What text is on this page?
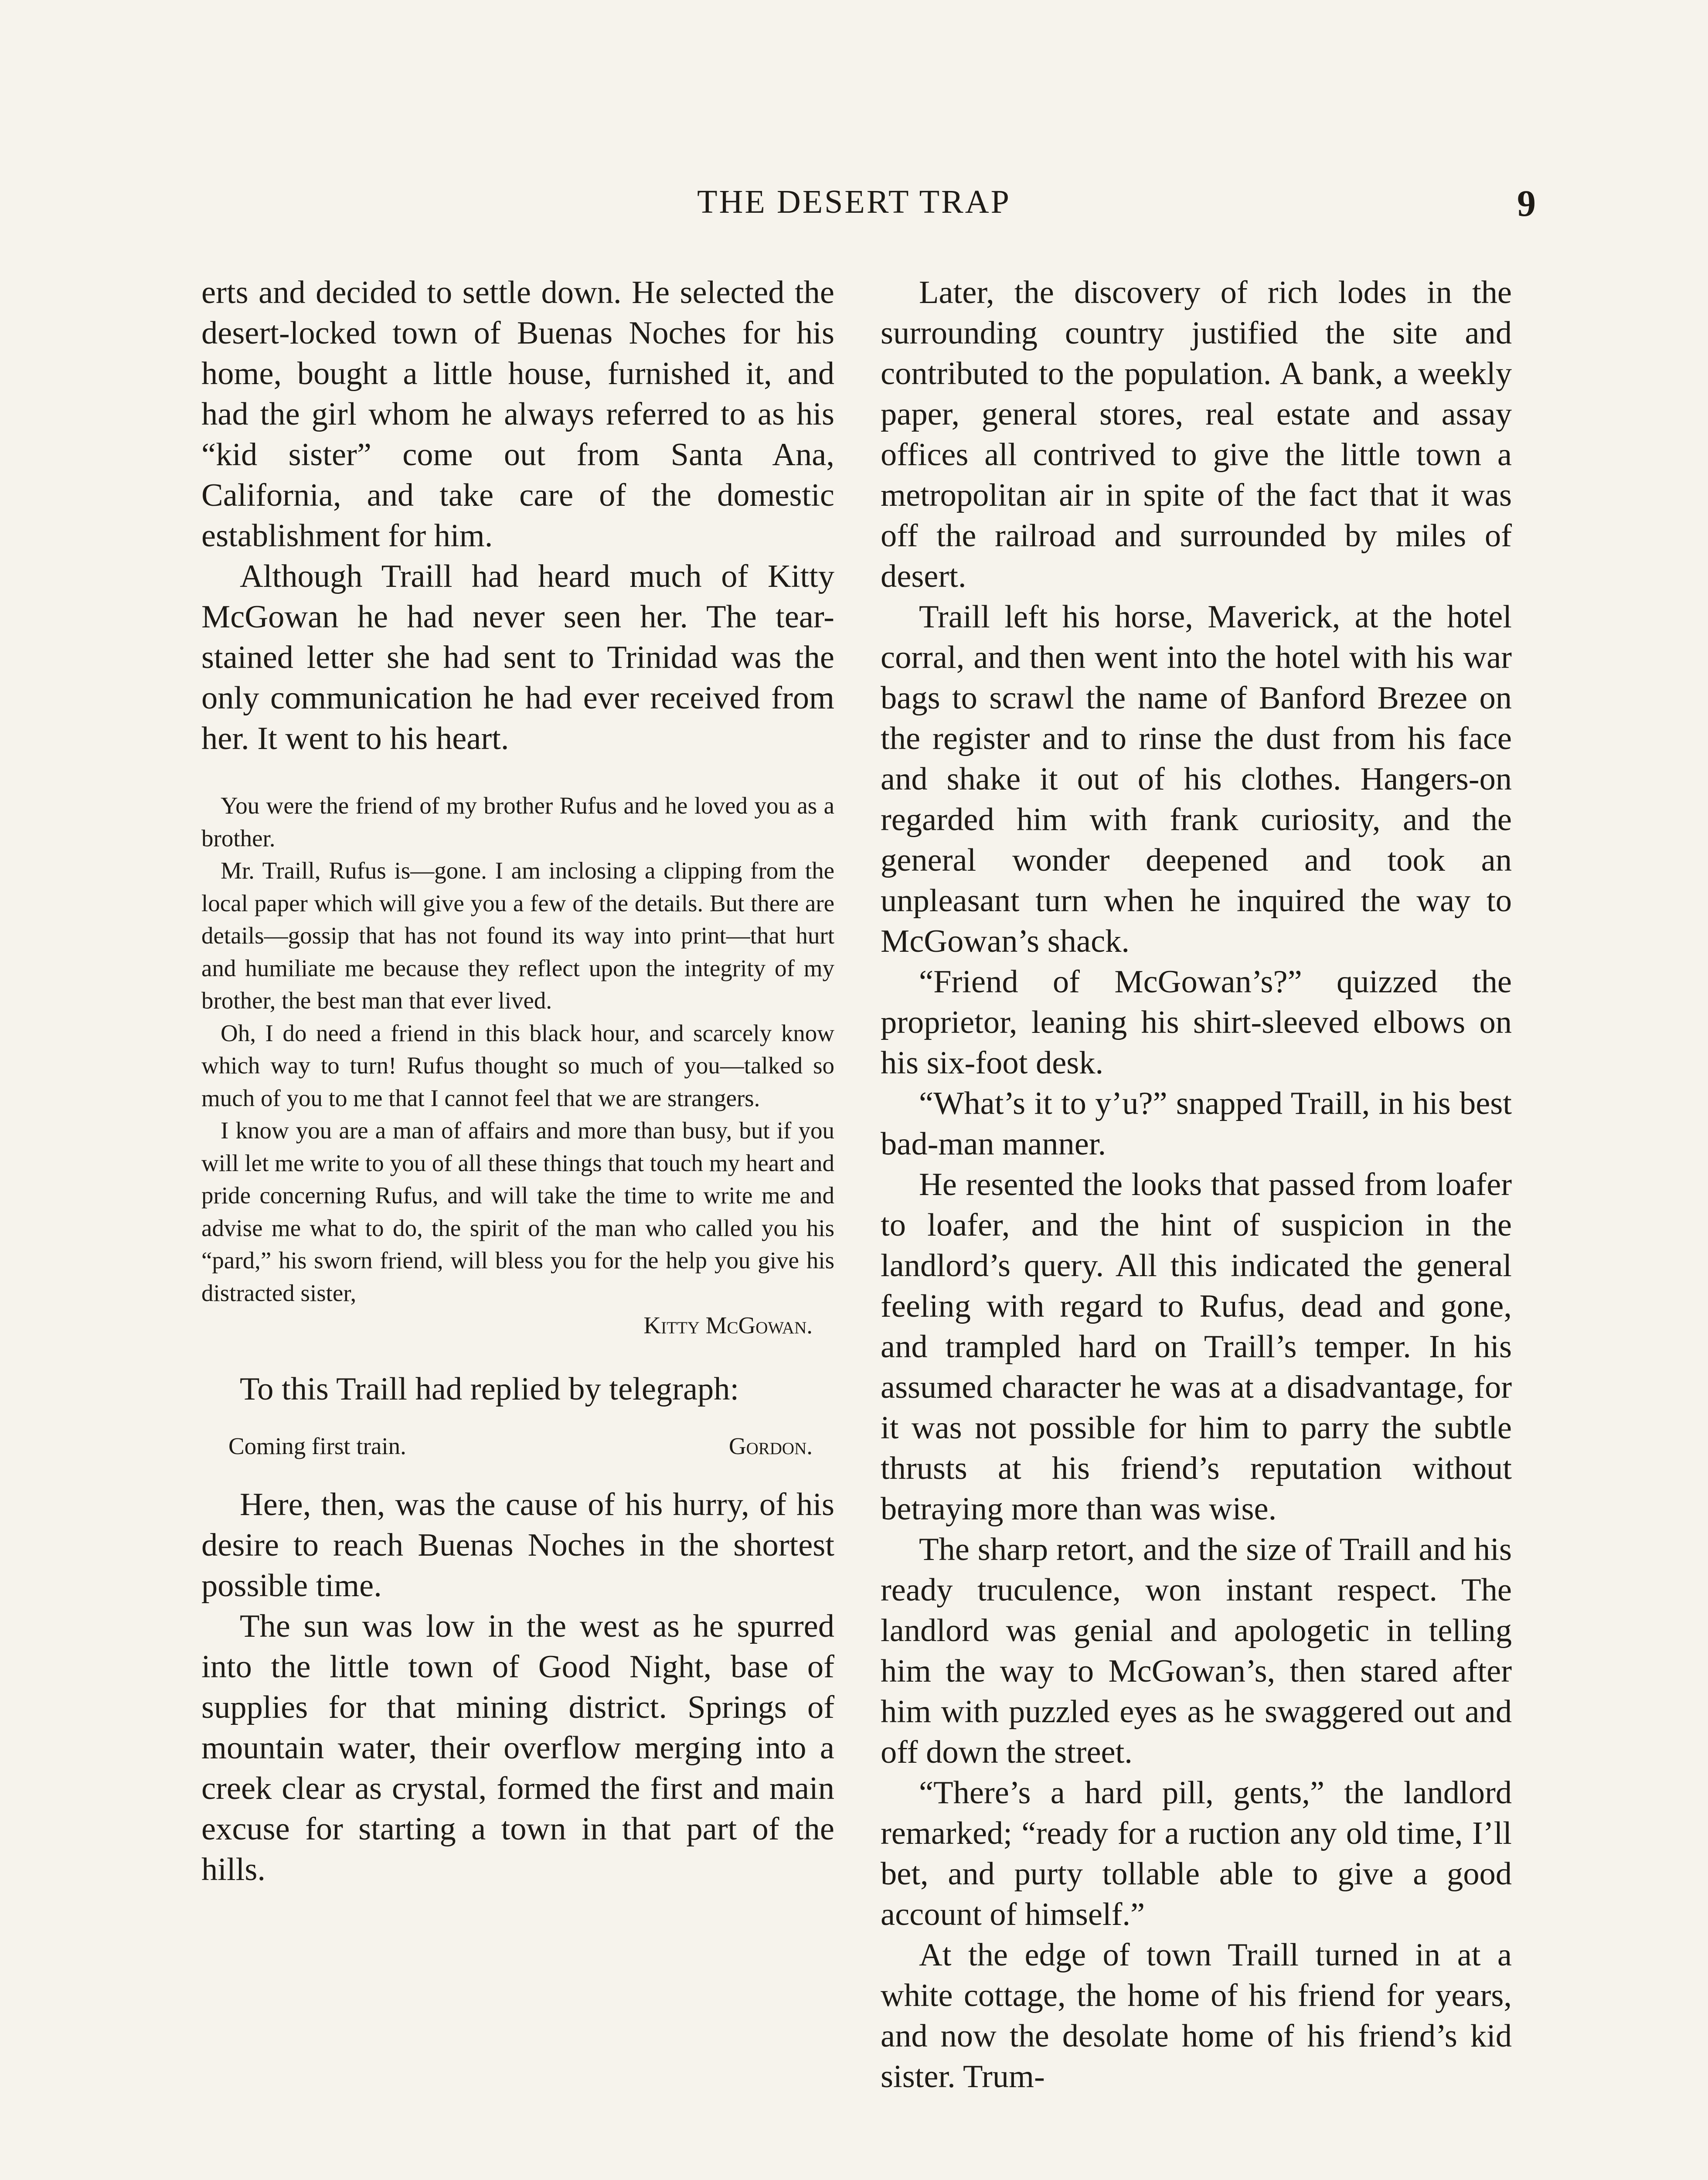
THE DESERT TRAP	9

erts and decided to settle down. He selected the desert-locked town of Buenas Noches for his home, bought a little house, furnished it, and had the girl whom he always referred to as his “kid sister” come out from Santa Ana, California, and take care of the domestic establishment for him.

Although Traill had heard much of Kitty McGowan he had never seen her. The tear-stained letter she had sent to Trinidad was the only communication he had ever received from her. It went to his heart.

You were the friend of my brother Rufus and he loved you as a brother.

Mr. Traill, Rufus is—gone. I am inclosing a clipping from the local paper which will give you a few of the details. But there are details—gossip that has not found its way into print—that hurt and humiliate me because they reflect upon the integrity of my brother, the best man that ever lived.

Oh, I do need a friend in this black hour, and scarcely know which way to turn! Rufus thought so much of you—talked so much of you to me that I cannot feel that we are strangers.

I know you are a man of affairs and more than busy, but if you will let me write to you of all these things that touch my heart and pride concerning Rufus, and will take the time to write me and advise me what to do, the spirit of the man who called you his “pard,” his sworn friend, will bless you for the help you give his distracted sister,

Kitty McGowan.

To this Traill had replied by telegraph:

Coming first train.	Gordon.

Here, then, was the cause of his hurry, of his desire to reach Buenas Noches in the shortest possible time.

The sun was low in the west as he spurred into the little town of Good Night, base of supplies for that mining district. Springs of mountain water, their overflow merging into a creek clear as crystal, formed the first and main excuse for starting a town in that part of the hills.

Later, the discovery of rich lodes in the surrounding country justified the site and contributed to the population. A bank, a weekly paper, general stores, real estate and assay offices all contrived to give the little town a metropolitan air in spite of the fact that it was off the railroad and surrounded by miles of desert.

Traill left his horse, Maverick, at the hotel corral, and then went into the hotel with his war bags to scrawl the name of Banford Brezee on the register and to rinse the dust from his face and shake it out of his clothes. Hangers-on regarded him with frank curiosity, and the general wonder deepened and took an unpleasant turn when he inquired the way to McGowan’s shack.

“Friend of McGowan’s?” quizzed the proprietor, leaning his shirt-sleeved elbows on his six-foot desk.

“What’s it to y’u?” snapped Traill, in his best bad-man manner.

He resented the looks that passed from loafer to loafer, and the hint of suspicion in the landlord’s query. All this indicated the general feeling with regard to Rufus, dead and gone, and trampled hard on Traill’s temper. In his assumed character he was at a disadvantage, for it was not possible for him to parry the subtle thrusts at his friend’s reputation without betraying more than was wise.

The sharp retort, and the size of Traill and his ready truculence, won instant respect. The landlord was genial and apologetic in telling him the way to McGowan’s, then stared after him with puzzled eyes as he swaggered out and off down the street.

“There’s a hard pill, gents,” the landlord remarked; “ready for a ruction any old time, I’ll bet, and purty tollable able to give a good account of himself.”

At the edge of town Traill turned in at a white cottage, the home of his friend for years, and now the desolate home of his friend’s kid sister. Trum-
